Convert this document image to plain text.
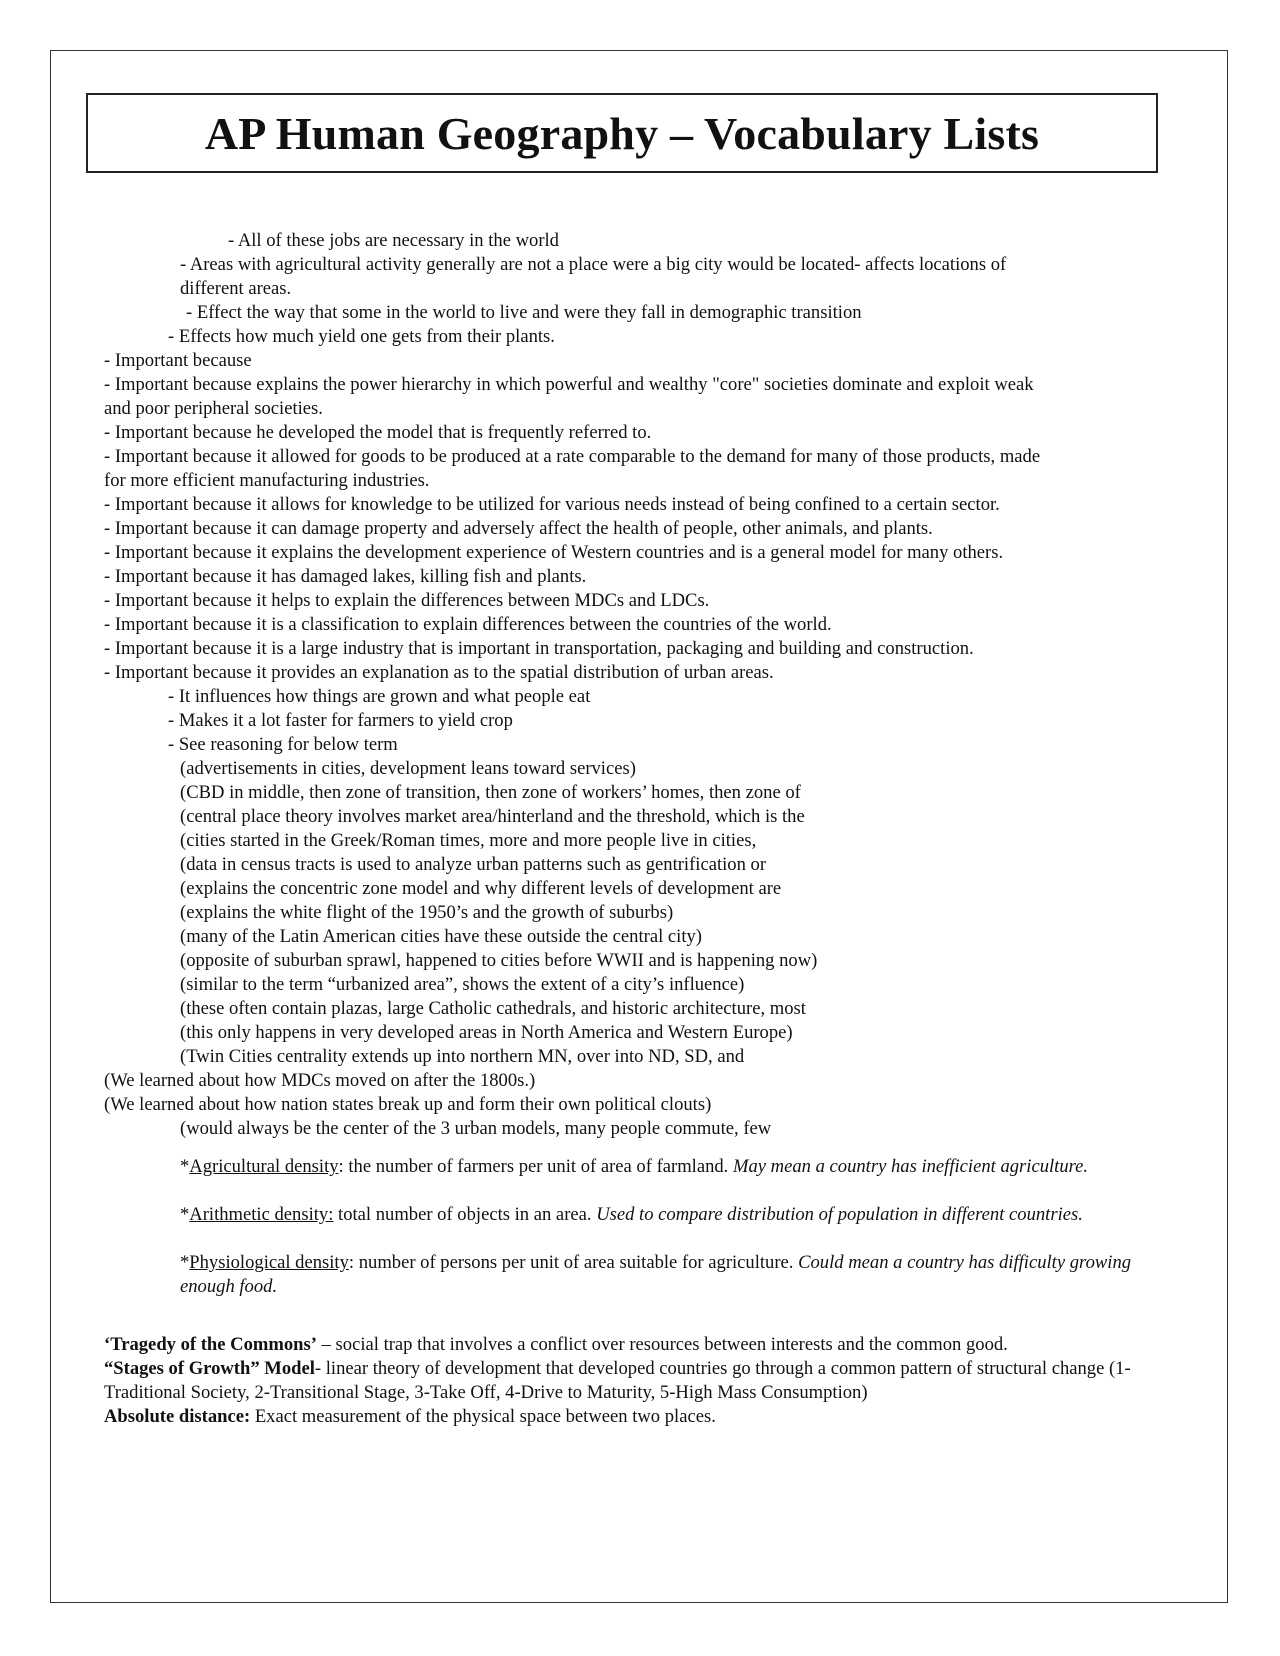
AP Human Geography – Vocabulary Lists
- All of these jobs are necessary in the world
- Areas with agricultural activity generally are not a place were a big city would be located- affects locations of
different areas.
- Effect the way that some in the world to live and were they fall in demographic transition
- Effects how much yield one gets from their plants.
- Important because
- Important because explains the power hierarchy in which powerful and wealthy "core" societies dominate and exploit weak
and poor peripheral societies.
- Important because he developed the model that is frequently referred to.
- Important because it allowed for goods to be produced at a rate comparable to the demand for many of those products, made
for more efficient manufacturing industries.
- Important because it allows for knowledge to be utilized for various needs instead of being confined to a certain sector.
- Important because it can damage property and adversely affect the health of people, other animals, and plants.
- Important because it explains the development experience of Western countries and is a general model for many others.
- Important because it has damaged lakes, killing fish and plants.
- Important because it helps to explain the differences between MDCs and LDCs.
- Important because it is a classification to explain differences between the countries of the world.
- Important because it is a large industry that is important in transportation, packaging and building and construction.
- Important because it provides an explanation as to the spatial distribution of urban areas.
- It influences how things are grown and what people eat
- Makes it a lot faster for farmers to yield crop
- See reasoning for below term
(advertisements in cities, development leans toward services)
(CBD in middle, then zone of transition, then zone of workers’ homes, then zone of
(central place theory involves market area/hinterland and the threshold, which is the
(cities started in the Greek/Roman times, more and more people live in cities,
(data in census tracts is used to analyze urban patterns such as gentrification or
(explains the concentric zone model and why different levels of development are
(explains the white flight of the 1950’s and the growth of suburbs)
(many of the Latin American cities have these outside the central city)
(opposite of suburban sprawl, happened to cities before WWII and is happening now)
(similar to the term “urbanized area”, shows the extent of a city’s influence)
(these often contain plazas, large Catholic cathedrals, and historic architecture, most
(this only happens in very developed areas in North America and Western Europe)
(Twin Cities centrality extends up into northern MN, over into ND, SD, and
(We learned about how MDCs moved on after the 1800s.)
(We learned about how nation states break up and form their own political clouts)
(would always be the center of the 3 urban models, many people commute, few
*Agricultural density: the number of farmers per unit of area of farmland. May mean a country has inefficient agriculture.
*Arithmetic density: total number of objects in an area. Used to compare distribution of population in different countries.
*Physiological density: number of persons per unit of area suitable for agriculture. Could mean a country has difficulty growing enough food.
‘Tragedy of the Commons’ – social trap that involves a conflict over resources between interests and the common good.
“Stages of Growth” Model- linear theory of development that developed countries go through a common pattern of structural change (1-Traditional Society, 2-Transitional Stage, 3-Take Off, 4-Drive to Maturity, 5-High Mass Consumption)
Absolute distance: Exact measurement of the physical space between two places.
